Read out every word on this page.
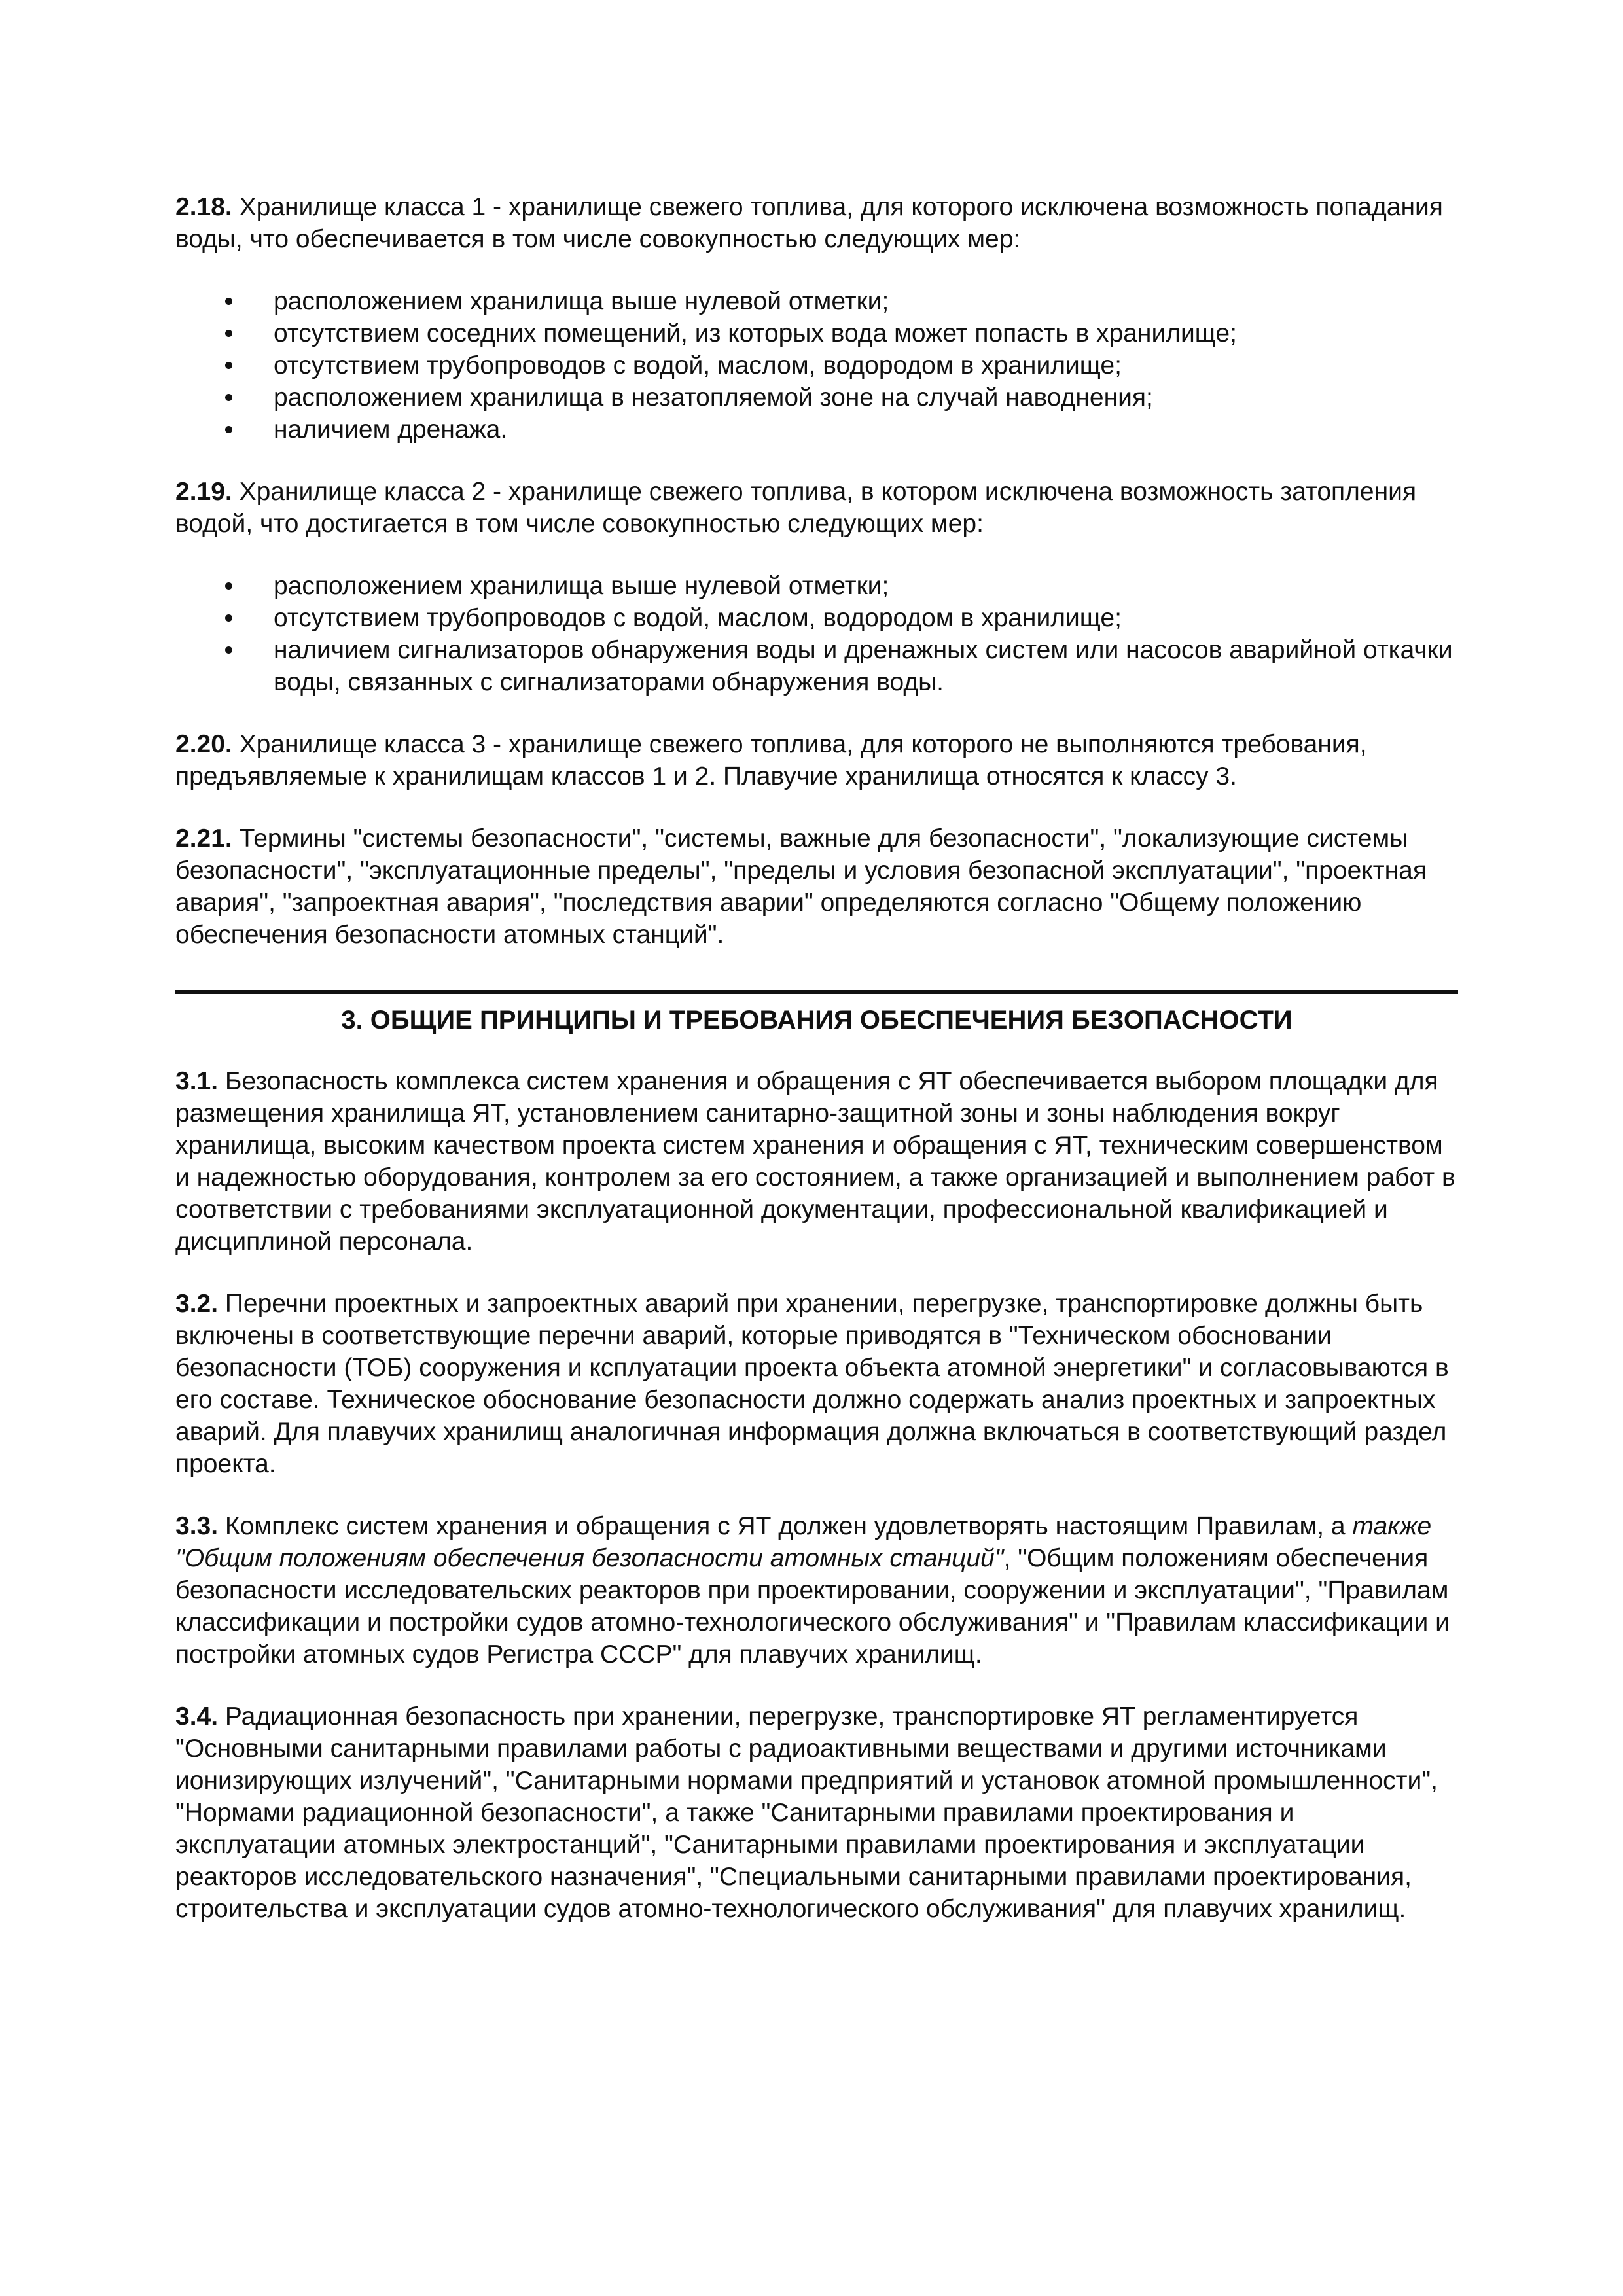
2.18. Хранилище класса 1 - хранилище свежего топлива, для которого исключена возможность попадания воды, что обеспечивается в том числе совокупностью следующих мер:

расположением хранилища выше нулевой отметки;
отсутствием соседних помещений, из которых вода может попасть в хранилище;
отсутствием трубопроводов с водой, маслом, водородом в хранилище;
расположением хранилища в незатопляемой зоне на случай наводнения;
наличием дренажа.

2.19. Хранилище класса 2 - хранилище свежего топлива, в котором исключена возможность затопления водой, что достигается в том числе совокупностью следующих мер:

расположением хранилища выше нулевой отметки;
отсутствием трубопроводов с водой, маслом, водородом в хранилище;
наличием сигнализаторов обнаружения воды и дренажных систем или насосов аварийной откачки воды, связанных с сигнализаторами обнаружения воды.

2.20. Хранилище класса 3 - хранилище свежего топлива, для которого не выполняются требования, предъявляемые к хранилищам классов 1 и 2. Плавучие хранилища относятся к классу 3.

2.21. Термины "системы безопасности", "системы, важные для безопасности", "локализующие системы безопасности", "эксплуатационные пределы", "пределы и условия безопасной эксплуатации", "проектная авария", "запроектная авария", "последствия аварии" определяются согласно "Общему положению обеспечения безопасности атомных станций".

3. ОБЩИЕ ПРИНЦИПЫ И ТРЕБОВАНИЯ ОБЕСПЕЧЕНИЯ БЕЗОПАСНОСТИ

3.1. Безопасность комплекса систем хранения и обращения с ЯТ обеспечивается выбором площадки для размещения хранилища ЯТ, установлением санитарно-защитной зоны и зоны наблюдения вокруг хранилища, высоким качеством проекта систем хранения и обращения с ЯТ, техническим совершенством и надежностью оборудования, контролем за его состоянием, а также организацией и выполнением работ в соответствии с требованиями эксплуатационной документации, профессиональной квалификацией и дисциплиной персонала.

3.2. Перечни проектных и запроектных аварий при хранении, перегрузке, транспортировке должны быть включены в соответствующие перечни аварий, которые приводятся в "Техническом обосновании безопасности (ТОБ) сооружения и ксплуатации проекта объекта атомной энергетики" и согласовываются в его составе. Техническое обоснование безопасности должно содержать анализ проектных и запроектных аварий. Для плавучих хранилищ аналогичная информация должна включаться в соответствующий раздел проекта.

3.3. Комплекс систем хранения и обращения с ЯТ должен удовлетворять настоящим Правилам, а также "Общим положениям обеспечения безопасности атомных станций", "Общим положениям обеспечения безопасности исследовательских реакторов при проектировании, сооружении и эксплуатации", "Правилам классификации и постройки судов атомно-технологического обслуживания" и "Правилам классификации и постройки атомных судов Регистра СССР" для плавучих хранилищ.

3.4. Радиационная безопасность при хранении, перегрузке, транспортировке ЯТ регламентируется "Основными санитарными правилами работы с радиоактивными веществами и другими источниками ионизирующих излучений", "Санитарными нормами предприятий и установок атомной промышленности", "Нормами радиационной безопасности", а также "Санитарными правилами проектирования и эксплуатации атомных электростанций", "Санитарными правилами проектирования и эксплуатации реакторов исследовательского назначения", "Специальными санитарными правилами проектирования, строительства и эксплуатации судов атомно-технологического обслуживания" для плавучих хранилищ.
